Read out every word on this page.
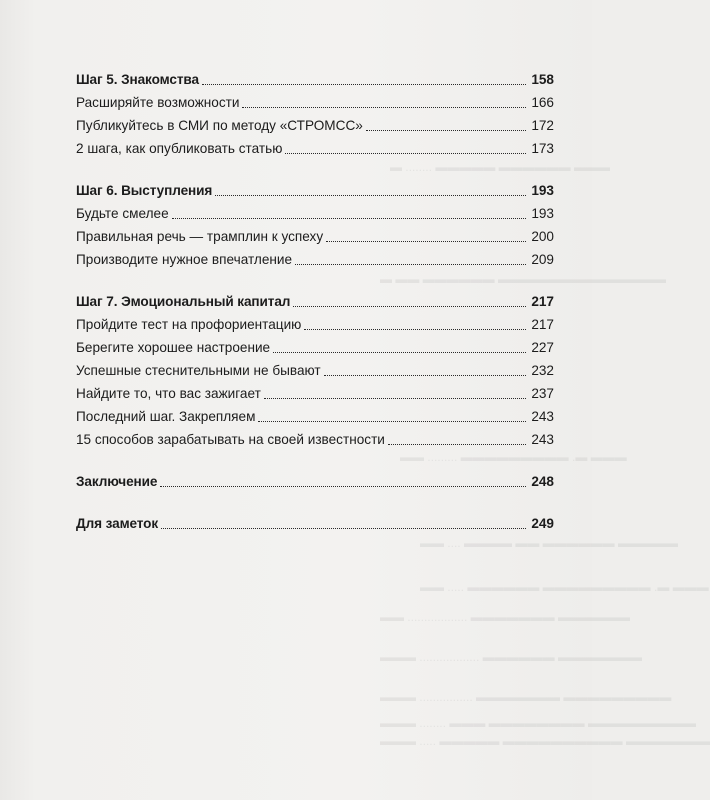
▬▬▬ ▬▬▬▬▬▬ ▬▬▬▬▬ ........ ▬
▬▬▬▬▬▬▬▬▬▬▬▬▬▬ ▬▬▬▬▬▬ ▬▬ ▬
▬▬▬ ▬. ▬▬▬▬▬▬▬▬▬ ......... ▬▬
▬▬▬▬▬ ▬▬▬▬▬▬ ▬▬ ▬▬▬▬ .... ▬▬
▬▬▬ ▬. ▬▬▬▬▬▬▬▬▬ ▬▬▬▬▬▬ ..... ▬▬
▬▬▬▬▬▬ ▬▬▬▬▬▬▬ .................. ▬▬
▬▬▬▬▬▬▬ ▬▬▬▬▬▬ .................. ▬▬▬
▬▬▬▬▬▬▬▬▬ ▬▬▬▬▬▬▬ ................ ▬▬▬
▬▬▬▬▬▬▬▬▬ ▬▬▬▬▬▬▬▬ ▬▬▬ ........ ▬▬▬
▬▬▬▬▬▬▬ ▬▬▬▬▬▬▬▬▬▬ ▬▬▬▬▬ ..... ▬▬▬
Шаг 5. Знакомства	158
Расширяйте возможности	166
Публикуйтесь в СМИ по методу «СТРОМСС»	172
2 шага, как опубликовать статью	173
Шаг 6. Выступления	193
Будьте смелее	193
Правильная речь — трамплин к успеху	200
Производите нужное впечатление	209
Шаг 7. Эмоциональный капитал	217
Пройдите тест на профориентацию	217
Берегите хорошее настроение	227
Успешные стеснительными не бывают	232
Найдите то, что вас зажигает	237
Последний шаг. Закрепляем	243
15 способов зарабатывать на своей известности	243
Заключение	248
Для заметок	249
